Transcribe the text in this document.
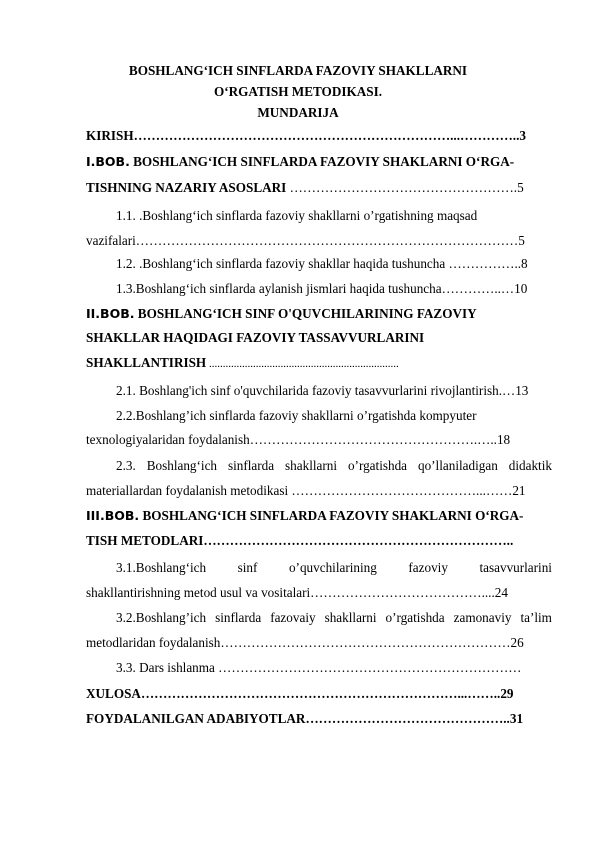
BOSHLANG‘ICH SINFLARDA FAZOVIY SHAKLLARNI
O‘RGATISH METODIKASI.
MUNDARIJA
KIRISH………………………………………………………………...…………..3
I.BOB. BOSHLANG‘ICH SINFLARDA FAZOVIY SHAKLARNI O‘RGA-
TISHNING NAZARIY ASOSLARI …………………………………………….5
1.1. .Boshlang‘ich sinflarda fazoviy shakllarni o’rgatishning maqsad
vazifalari……………………………………………………………………………5
1.2. .Boshlang‘ich sinflarda fazoviy shakllar haqida tushuncha ……………..8
1.3.Boshlang‘ich sinflarda aylanish jismlari haqida tushuncha…………..…10
II.BOB. BOSHLANG‘ICH SINF O'QUVCHILARINING FAZOVIY
SHAKLLAR HAQIDAGI FAZOVIY TASSAVVURLARINI
SHAKLLANTIRISH .....................................................................
2.1. Boshlang'ich sinf o'quvchilarida fazoviy tasavvurlarini rivojlantirish.…13
2.2.Boshlang’ich sinflarda fazoviy shakllarni o’rgatishda kompyuter
texnologiyalaridan foydalanish…………………………………………….…..18
2.3. Boshlang‘ich sinflarda shakllarni o’rgatishda qo’llaniladigan didaktik
materiallardan foydalanish metodikasi ……………………………………...……21
III.BOB. BOSHLANG‘ICH SINFLARDA FAZOVIY SHAKLARNI O‘RGA-
TISH METODLARI……………………………………………………………..
3.1.Boshlang‘ich sinf o’quvchilarining fazoviy tasavvurlarini
shakllantirishning metod usul va vositalari…………………………………....24
3.2.Boshlang’ich sinflarda fazovaiy shakllarni o’rgatishda zamonaviy ta’lim
metodlaridan foydalanish…………………………………………………………26
3.3. Dars ishlanma ……………………………………………………………
XULOSA………………………………………………………………...……..29
FOYDALANILGAN ADABIYOTLAR………………………………………..31
